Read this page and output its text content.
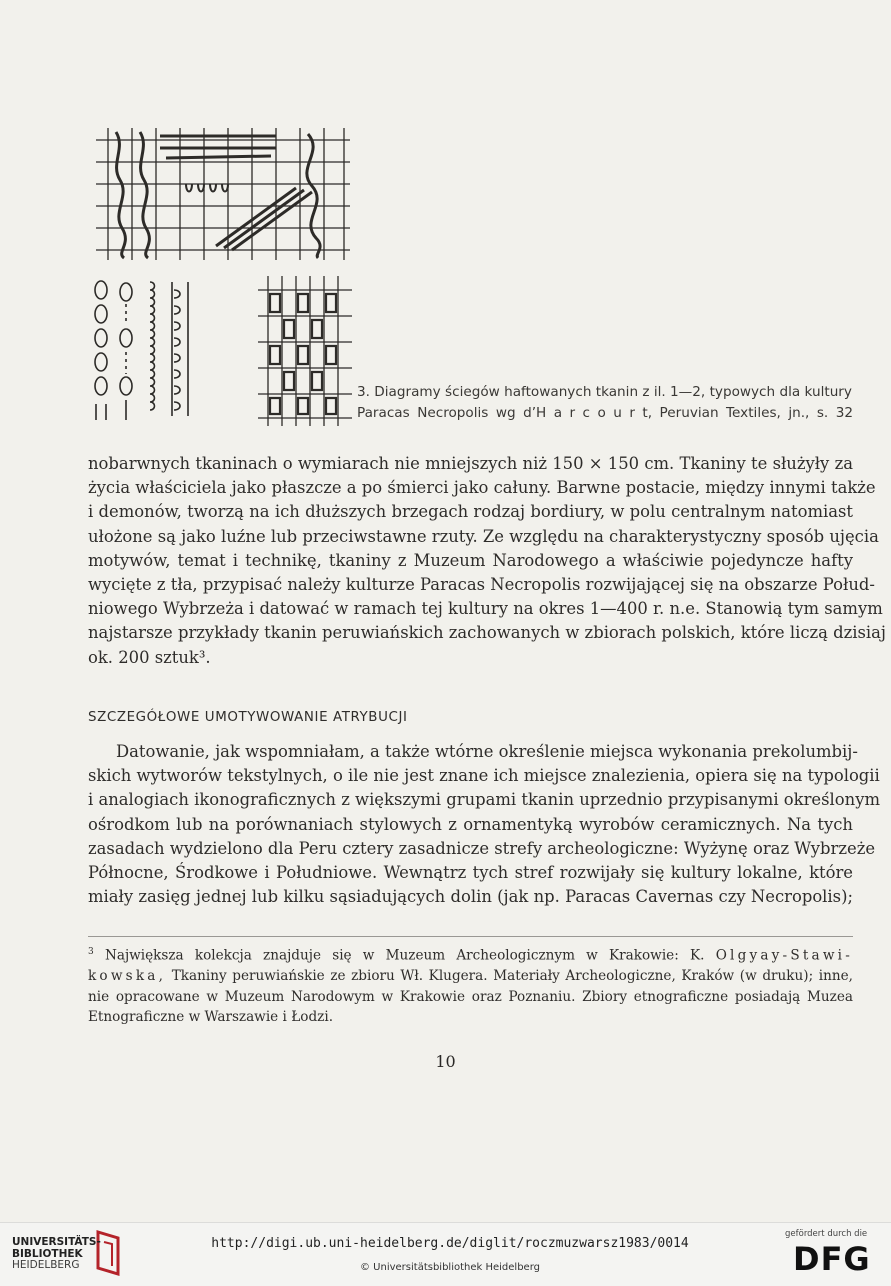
3. Diagramy ściegów haftowanych tkanin z il. 1—2, typowych dla kultury

Paracas Necropolis wg d’H a r c o u r t, Peruvian Textiles, jn., s. 32
nobarwnych tkaninach o wymiarach nie mniejszych niż 150 × 150 cm. Tkaniny te służyły za
życia właściciela jako płaszcze a po śmierci jako całuny. Barwne postacie, między innymi także
i demonów, tworzą na ich dłuższych brzegach rodzaj bordiury, w polu centralnym natomiast
ułożone są jako luźne lub przeciwstawne rzuty. Ze względu na charakterystyczny sposób ujęcia
motywów, temat i technikę, tkaniny z Muzeum Narodowego a właściwie pojedyncze hafty
wycięte z tła, przypisać należy kulturze Paracas Necropolis rozwijającej się na obszarze Połud-
niowego Wybrzeża i datować w ramach tej kultury na okres 1—400 r. n.e. Stanowią tym samym
najstarsze przykłady tkanin peruwiańskich zachowanych w zbiorach polskich, które liczą dzisiaj
ok. 200 sztuk³.
SZCZEGÓŁOWE UMOTYWOWANIE ATRYBUCJI
Datowanie, jak wspomniałam, a także wtórne określenie miejsca wykonania prekolumbij-
skich wytworów tekstylnych, o ile nie jest znane ich miejsce znalezienia, opiera się na typologii
i analogiach ikonograficznych z większymi grupami tkanin uprzednio przypisanymi określonym
ośrodkom lub na porównaniach stylowych z ornamentyką wyrobów ceramicznych. Na tych
zasadach wydzielono dla Peru cztery zasadnicze strefy archeologiczne: Wyżynę oraz Wybrzeże
Północne, Środkowe i Południowe. Wewnątrz tych stref rozwijały się kultury lokalne, które
miały zasięg jednej lub kilku sąsiadujących dolin (jak np. Paracas Cavernas czy Necropolis);
$^3$ Największa kolekcja znajduje się w Muzeum Archeologicznym w Krakowie: K. Olgyay-Stawi-
kowska, Tkaniny peruwiańskie ze zbioru Wł. Klugera. Materiały Archeologiczne, Kraków (w druku); inne,
nie opracowane w Muzeum Narodowym w Krakowie oraz Poznaniu. Zbiory etnograficzne posiadają Muzea
Etnograficzne w Warszawie i Łodzi.
10
UNIVERSITÄTS-
BIBLIOTHEK
HEIDELBERG
http://digi.ub.uni-heidelberg.de/diglit/roczmuzwarsz1983/0014
© Universitätsbibliothek Heidelberg
gefördert durch die
DFG
